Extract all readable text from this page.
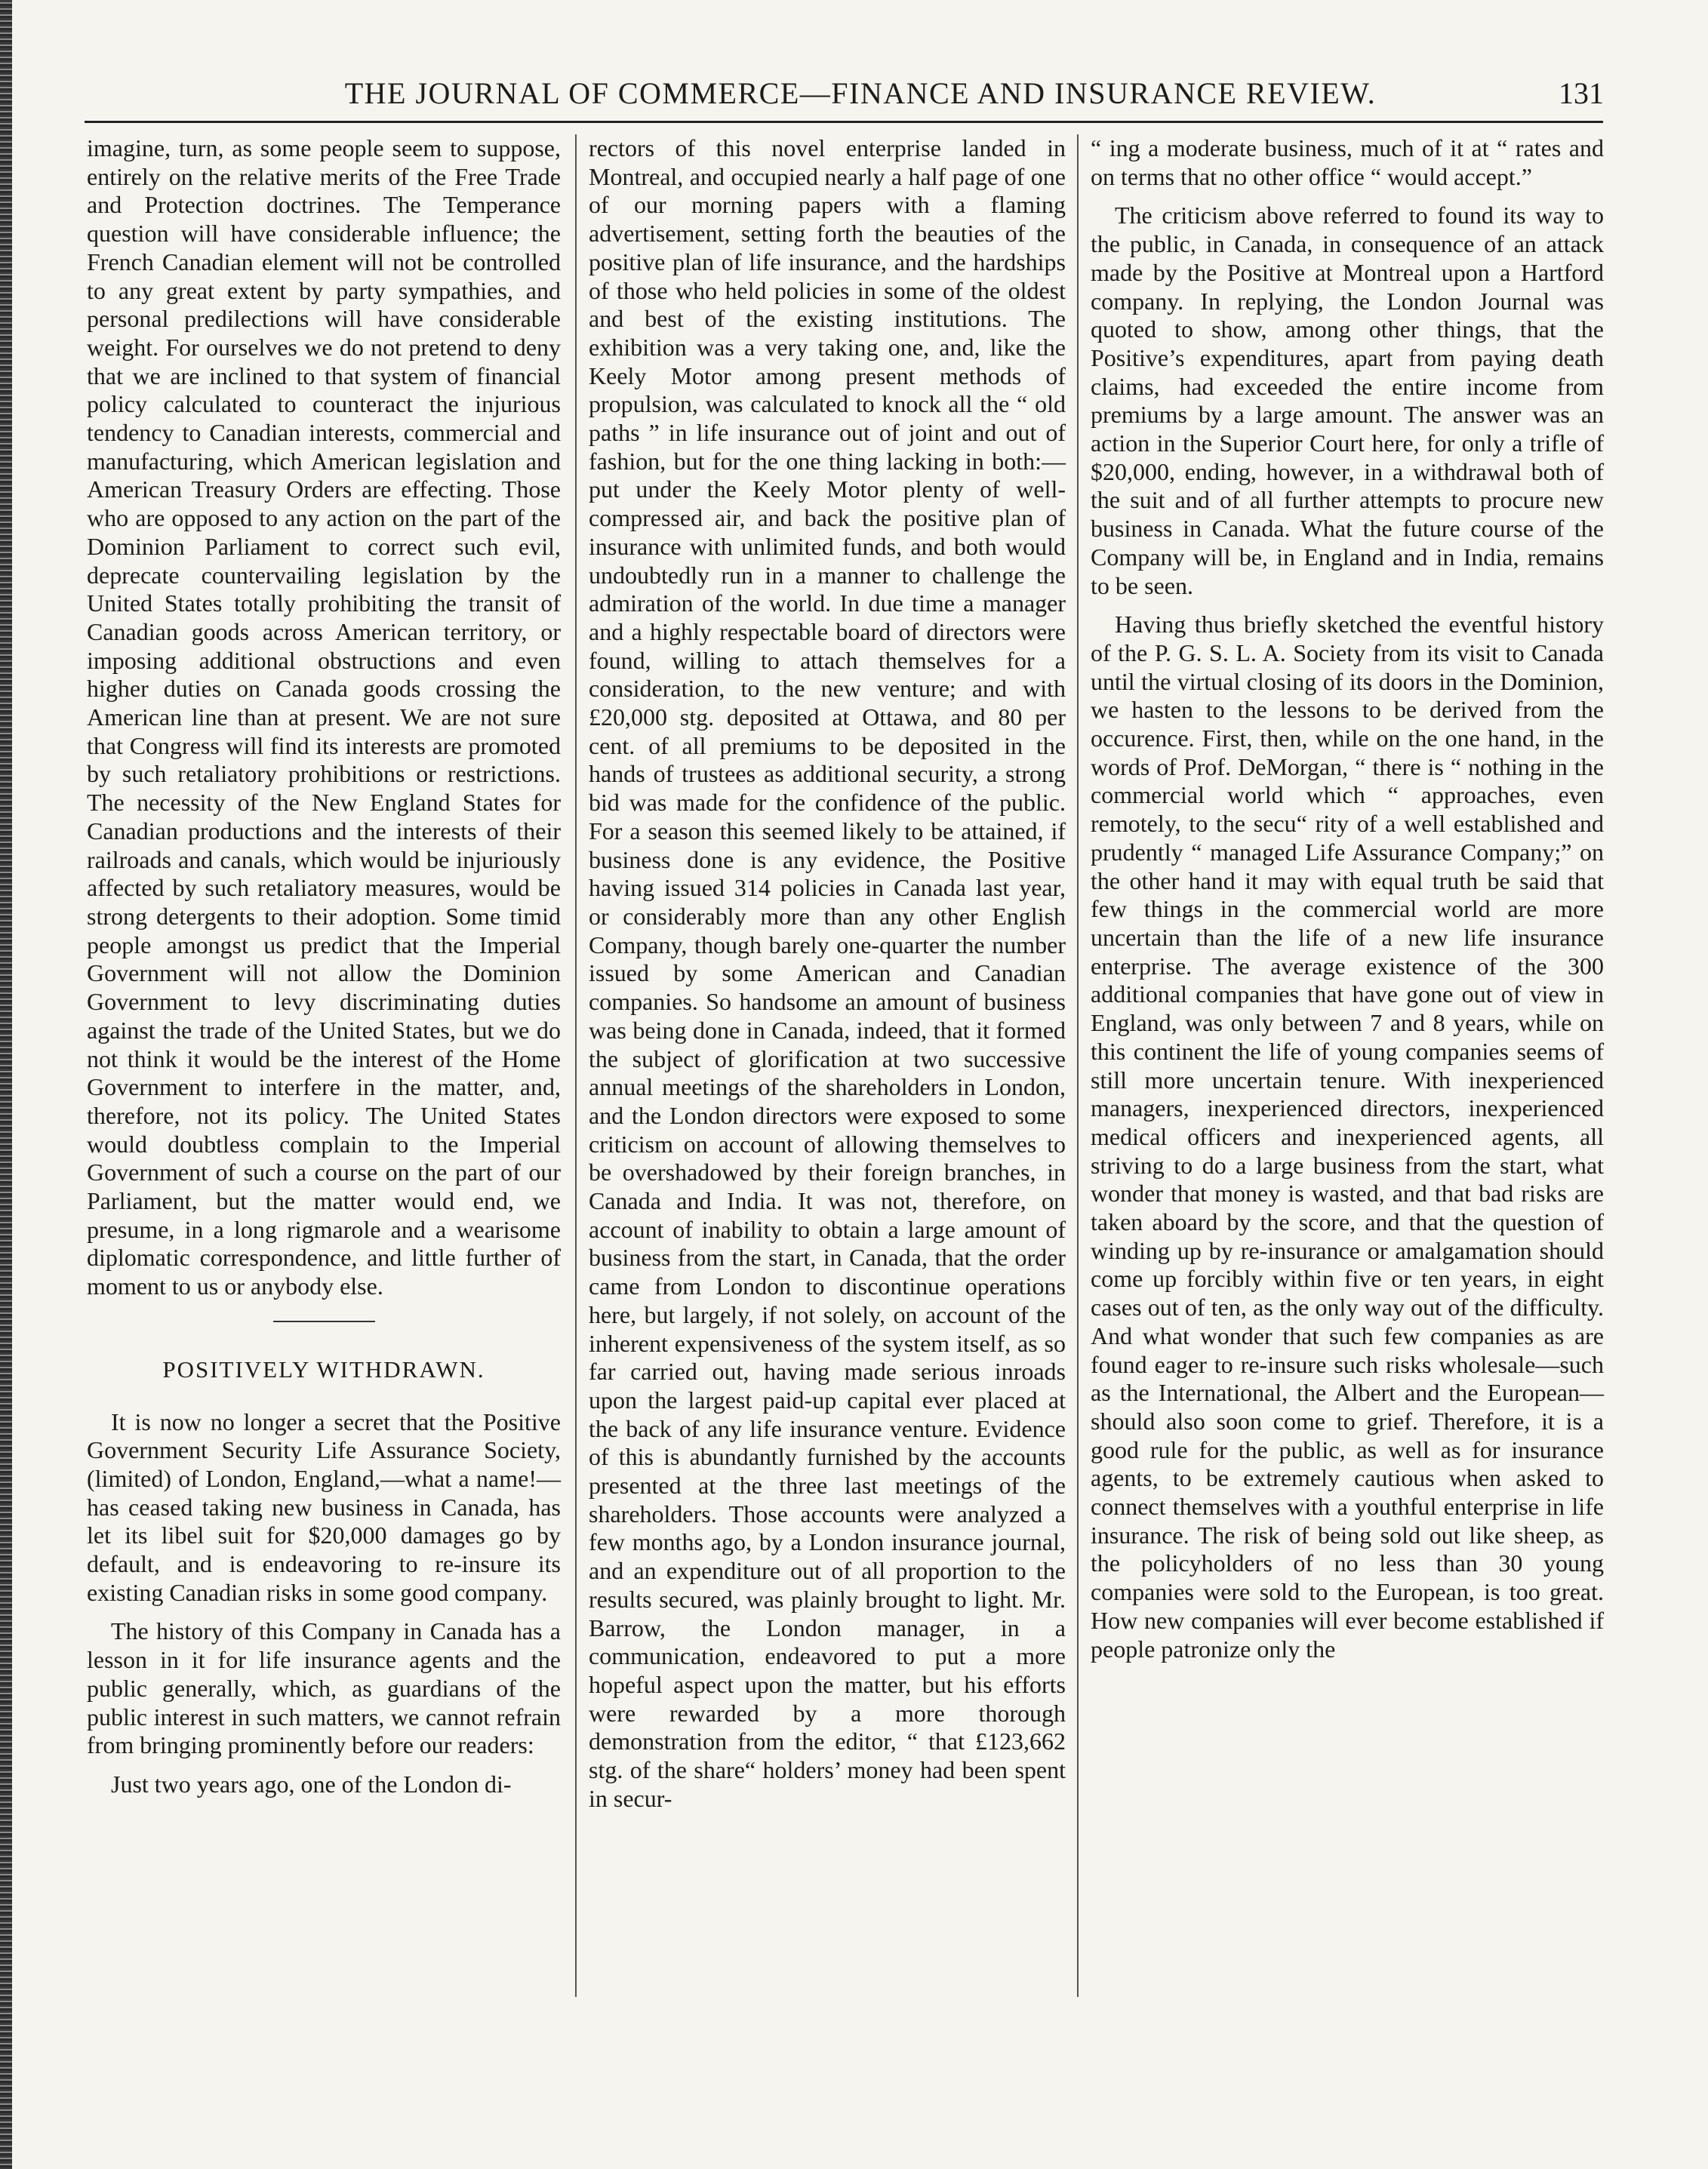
THE JOURNAL OF COMMERCE—FINANCE AND INSURANCE REVIEW.	131

imagine, turn, as some people seem to suppose, entirely on the relative merits of the Free Trade and Protection doctrines. The Temperance question will have considerable influence; the French Canadian element will not be controlled to any great extent by party sympathies, and personal predilections will have considerable weight. For ourselves we do not pretend to deny that we are inclined to that system of financial policy calculated to counteract the injurious tendency to Canadian interests, commercial and manufacturing, which American legislation and American Treasury Orders are effecting. Those who are opposed to any action on the part of the Dominion Parliament to correct such evil, deprecate countervailing legislation by the United States totally prohibiting the transit of Canadian goods across American territory, or imposing additional obstructions and even higher duties on Canada goods crossing the American line than at present. We are not sure that Congress will find its interests are promoted by such retaliatory prohibitions or restrictions. The necessity of the New England States for Canadian productions and the interests of their railroads and canals, which would be injuriously affected by such retaliatory measures, would be strong detergents to their adoption. Some timid people amongst us predict that the Imperial Government will not allow the Dominion Government to levy discriminating duties against the trade of the United States, but we do not think it would be the interest of the Home Government to interfere in the matter, and, therefore, not its policy. The United States would doubtless complain to the Imperial Government of such a course on the part of our Parliament, but the matter would end, we presume, in a long rigmarole and a wearisome diplomatic correspondence, and little further of moment to us or anybody else.

POSITIVELY WITHDRAWN.

It is now no longer a secret that the Positive Government Security Life Assurance Society, (limited) of London, England,—what a name!—has ceased taking new business in Canada, has let its libel suit for $20,000 damages go by default, and is endeavoring to re-insure its existing Canadian risks in some good company.

The history of this Company in Canada has a lesson in it for life insurance agents and the public generally, which, as guardians of the public interest in such matters, we cannot refrain from bringing prominently before our readers:

Just two years ago, one of the London di-

rectors of this novel enterprise landed in Montreal, and occupied nearly a half page of one of our morning papers with a flaming advertisement, setting forth the beauties of the positive plan of life insurance, and the hardships of those who held policies in some of the oldest and best of the existing institutions. The exhibition was a very taking one, and, like the Keely Motor among present methods of propulsion, was calculated to knock all the “ old paths ” in life insurance out of joint and out of fashion, but for the one thing lacking in both:—put under the Keely Motor plenty of well-compressed air, and back the positive plan of insurance with unlimited funds, and both would undoubtedly run in a manner to challenge the admiration of the world. In due time a manager and a highly respectable board of directors were found, willing to attach themselves for a consideration, to the new venture; and with £20,000 stg. deposited at Ottawa, and 80 per cent. of all premiums to be deposited in the hands of trustees as additional security, a strong bid was made for the confidence of the public. For a season this seemed likely to be attained, if business done is any evidence, the Positive having issued 314 policies in Canada last year, or considerably more than any other English Company, though barely one-quarter the number issued by some American and Canadian companies. So handsome an amount of business was being done in Canada, indeed, that it formed the subject of glorification at two successive annual meetings of the shareholders in London, and the London directors were exposed to some criticism on account of allowing themselves to be overshadowed by their foreign branches, in Canada and India. It was not, therefore, on account of inability to obtain a large amount of business from the start, in Canada, that the order came from London to discontinue operations here, but largely, if not solely, on account of the inherent expensiveness of the system itself, as so far carried out, having made serious inroads upon the largest paid-up capital ever placed at the back of any life insurance venture. Evidence of this is abundantly furnished by the accounts presented at the three last meetings of the shareholders. Those accounts were analyzed a few months ago, by a London insurance journal, and an expenditure out of all proportion to the results secured, was plainly brought to light. Mr. Barrow, the London manager, in a communication, endeavored to put a more hopeful aspect upon the matter, but his efforts were rewarded by a more thorough demonstration from the editor, “ that £123,662 stg. of the share“ holders’ money had been spent in secur-

“ ing a moderate business, much of it at “ rates and on terms that no other office “ would accept.”

The criticism above referred to found its way to the public, in Canada, in consequence of an attack made by the Positive at Montreal upon a Hartford company. In replying, the London Journal was quoted to show, among other things, that the Positive’s expenditures, apart from paying death claims, had exceeded the entire income from premiums by a large amount. The answer was an action in the Superior Court here, for only a trifle of $20,000, ending, however, in a withdrawal both of the suit and of all further attempts to procure new business in Canada. What the future course of the Company will be, in England and in India, remains to be seen.

Having thus briefly sketched the eventful history of the P. G. S. L. A. Society from its visit to Canada until the virtual closing of its doors in the Dominion, we hasten to the lessons to be derived from the occurence. First, then, while on the one hand, in the words of Prof. DeMorgan, “ there is “ nothing in the commercial world which “ approaches, even remotely, to the secu“ rity of a well established and prudently “ managed Life Assurance Company;” on the other hand it may with equal truth be said that few things in the commercial world are more uncertain than the life of a new life insurance enterprise. The average existence of the 300 additional companies that have gone out of view in England, was only between 7 and 8 years, while on this continent the life of young companies seems of still more uncertain tenure. With inexperienced managers, inexperienced directors, inexperienced medical officers and inexperienced agents, all striving to do a large business from the start, what wonder that money is wasted, and that bad risks are taken aboard by the score, and that the question of winding up by re-insurance or amalgamation should come up forcibly within five or ten years, in eight cases out of ten, as the only way out of the difficulty. And what wonder that such few companies as are found eager to re-insure such risks wholesale—such as the International, the Albert and the European—should also soon come to grief. Therefore, it is a good rule for the public, as well as for insurance agents, to be extremely cautious when asked to connect themselves with a youthful enterprise in life insurance. The risk of being sold out like sheep, as the policyholders of no less than 30 young companies were sold to the European, is too great. How new companies will ever become established if people patronize only the
